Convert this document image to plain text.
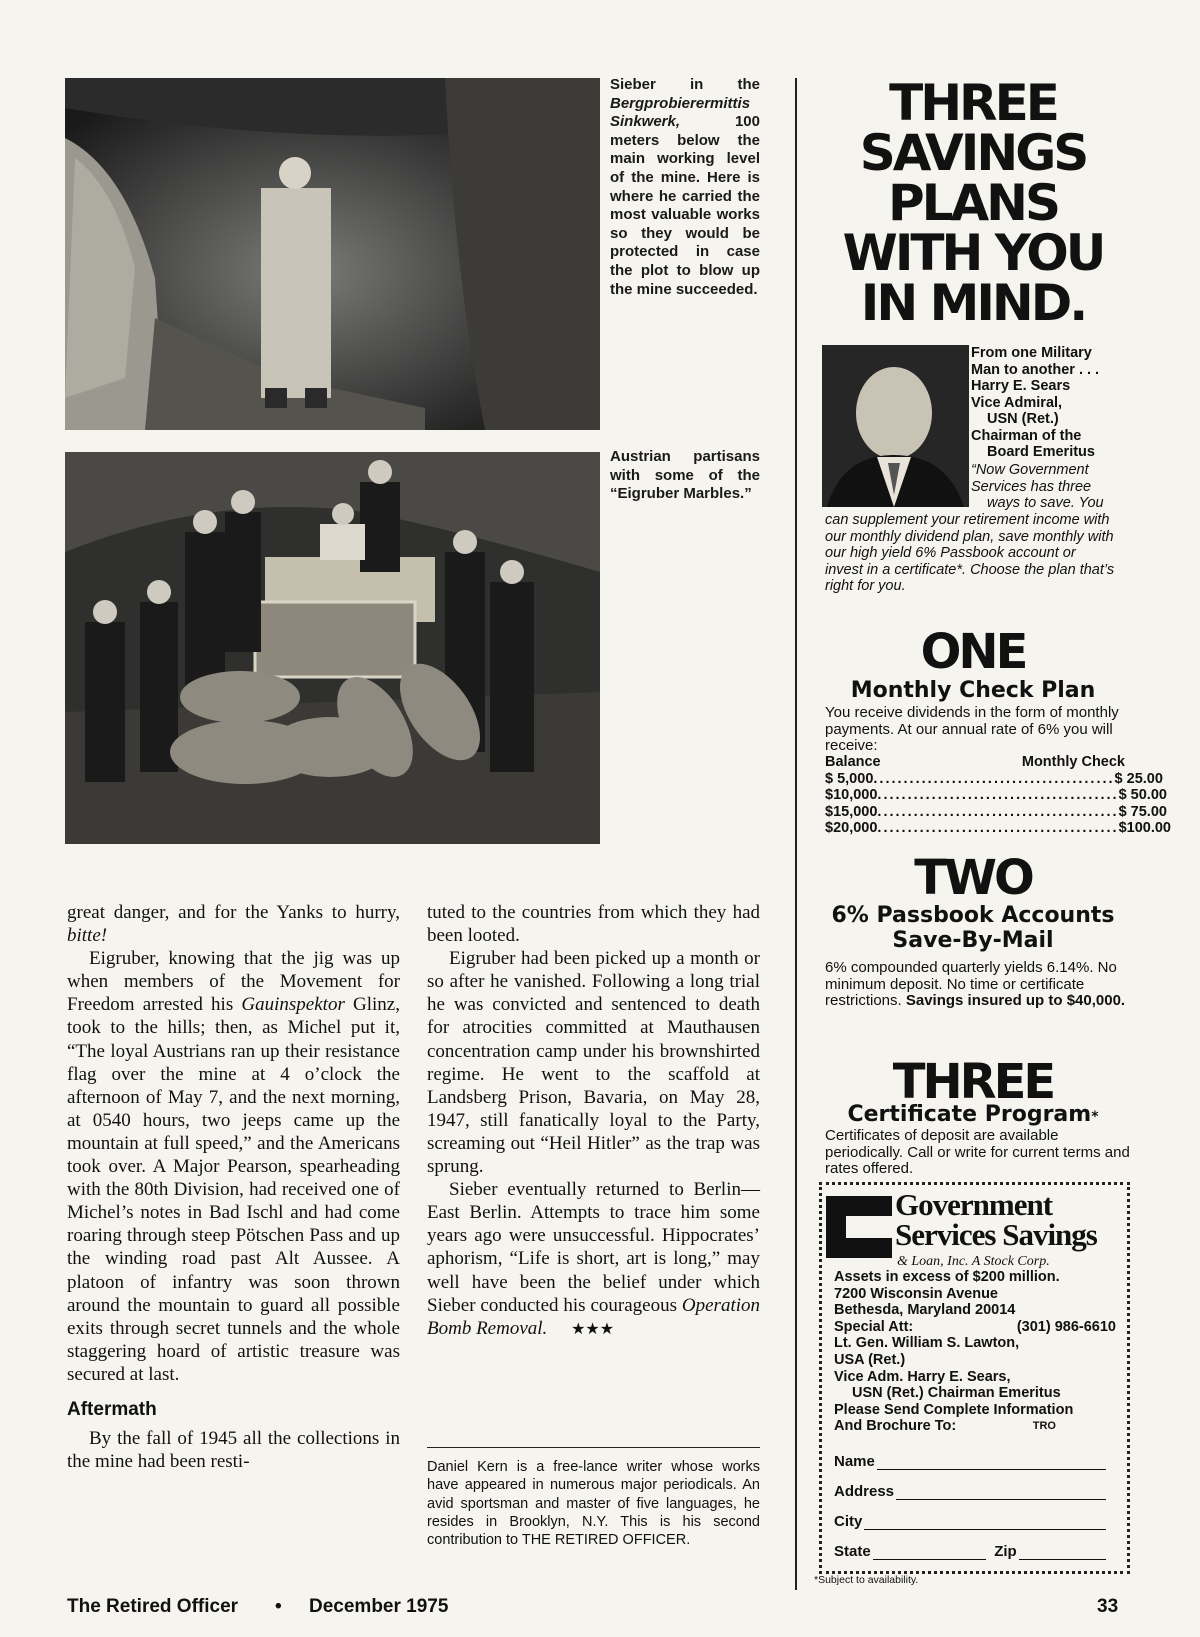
Sieber in the Bergprobierermittis Sinkwerk, 100 meters below the main working level of the mine. Here is where he carried the most valuable works so they would be protected in case the plot to blow up the mine succeeded.
Austrian partisans with some of the “Eigruber Marbles.”

great danger, and for the Yanks to hurry, bitte!

Eigruber, knowing that the jig was up when members of the Movement for Freedom arrested his Gauinspektor Glinz, took to the hills; then, as Michel put it, “The loyal Austrians ran up their resistance flag over the mine at 4 o’clock the afternoon of May 7, and the next morning, at 0540 hours, two jeeps came up the mountain at full speed,” and the Americans took over. A Major Pearson, spearheading with the 80th Division, had received one of Michel’s notes in Bad Ischl and had come roaring through steep Pötschen Pass and up the winding road past Alt Aussee. A platoon of infantry was soon thrown around the mountain to guard all possible exits through secret tunnels and the whole staggering hoard of artistic treasure was secured at last.

Aftermath

By the fall of 1945 all the collections in the mine had been resti-

tuted to the countries from which they had been looted.

Eigruber had been picked up a month or so after he vanished. Following a long trial he was convicted and sentenced to death for atrocities committed at Mauthausen concentration camp under his brownshirted regime. He went to the scaffold at Landsberg Prison, Bavaria, on May 28, 1947, still fanatically loyal to the Party, screaming out “Heil Hitler” as the trap was sprung.

Sieber eventually returned to Berlin—East Berlin. Attempts to trace him some years ago were unsuccessful. Hippocrates’ aphorism, “Life is short, art is long,” may well have been the belief under which Sieber conducted his courageous Operation Bomb Removal. ★★★

Daniel Kern is a free-lance writer whose works have appeared in numerous major periodicals. An avid sportsman and master of five languages, he resides in Brooklyn, N.Y. This is his second contribution to THE RETIRED OFFICER.
THREE
SAVINGS
PLANS
WITH YOU
IN MIND.
From one Military
Man to another . . .
Harry E. Sears
Vice Admiral,
USN (Ret.)
Chairman of the
Board Emeritus
“Now Government
Services has three
ways to save. You
can supplement your retirement income with our monthly dividend plan, save monthly with our high yield 6% Passbook account or invest in a certificate*. Choose the plan that’s right for you.
ONE
Monthly Check Plan
You receive dividends in the form of monthly payments. At our annual rate of 6% you will receive:
Balance	Monthly Check
$ 5,000 ........................................ $ 25.00
$10,000 ........................................ $ 50.00
$15,000 ........................................ $ 75.00
$20,000 ........................................ $100.00
TWO
6% Passbook Accounts
Save-By-Mail
6% compounded quarterly yields 6.14%. No minimum deposit. No time or certificate restrictions. Savings insured up to $40,000.
THREE
Certificate Program*
Certificates of deposit are available periodically. Call or write for current terms and rates offered.
Government
Services Savings
& Loan, Inc. A Stock Corp.
Assets in excess of $200 million.
7200 Wisconsin Avenue
Bethesda, Maryland 20014
Special Att:	(301) 986-6610
Lt. Gen. William S. Lawton,
USA (Ret.)
Vice Adm. Harry E. Sears,
USN (Ret.) Chairman Emeritus
Please Send Complete Information
And Brochure To:	TRO
Name
Address
City
State	Zip
*Subject to availability.
The Retired Officer • December 1975	33
